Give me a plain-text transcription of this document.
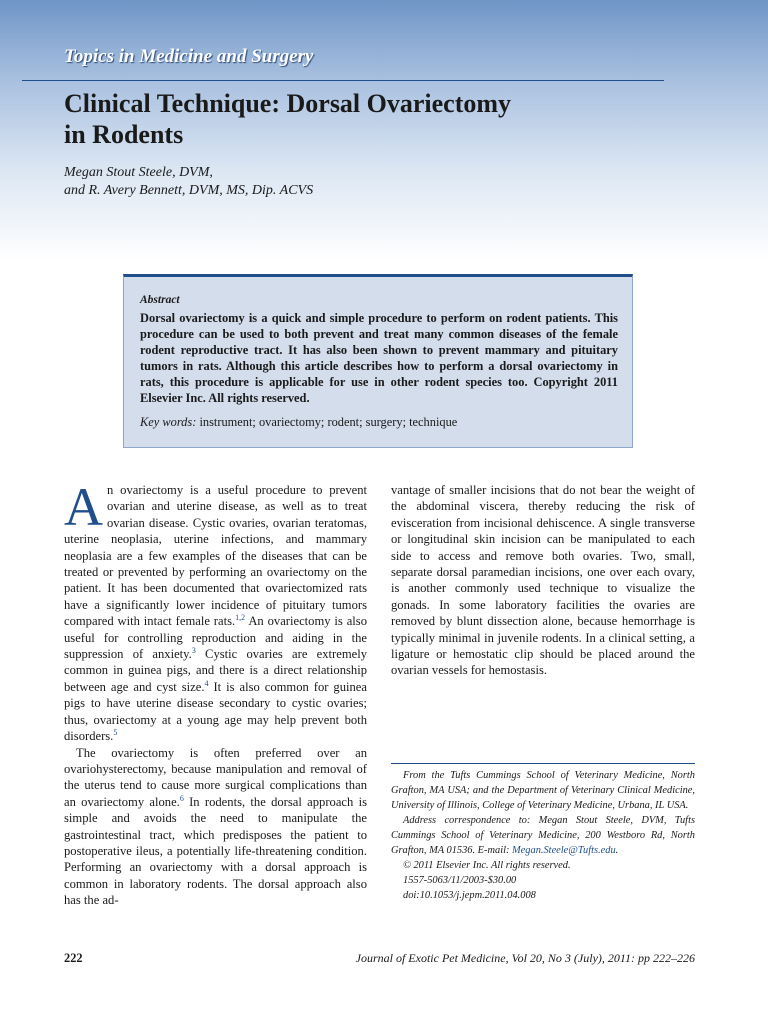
Topics in Medicine and Surgery
Clinical Technique: Dorsal Ovariectomy
in Rodents
Megan Stout Steele, DVM,
and R. Avery Bennett, DVM, MS, Dip. ACVS
Abstract
Dorsal ovariectomy is a quick and simple procedure to perform on rodent patients. This procedure can be used to both prevent and treat many common diseases of the female rodent reproductive tract. It has also been shown to prevent mammary and pituitary tumors in rats. Although this article describes how to perform a dorsal ovariectomy in rats, this procedure is applicable for use in other rodent species too. Copyright 2011 Elsevier Inc. All rights reserved.
Key words: instrument; ovariectomy; rodent; surgery; technique

An ovariectomy is a useful procedure to prevent ovarian and uterine disease, as well as to treat ovarian disease. Cystic ovaries, ovarian teratomas, uterine neoplasia, uterine infections, and mammary neoplasia are a few examples of the diseases that can be treated or prevented by performing an ovariectomy on the patient. It has been documented that ovariectomized rats have a significantly lower incidence of pituitary tumors compared with intact female rats.$^{1,2}$ An ovariectomy is also useful for controlling reproduction and aiding in the suppression of anxiety.$^3$ Cystic ovaries are extremely common in guinea pigs, and there is a direct relationship between age and cyst size.$^4$ It is also common for guinea pigs to have uterine disease secondary to cystic ovaries; thus, ovariectomy at a young age may help prevent both disorders.$^5$

The ovariectomy is often preferred over an ovariohysterectomy, because manipulation and removal of the uterus tend to cause more surgical complications than an ovariectomy alone.$^6$ In rodents, the dorsal approach is simple and avoids the need to manipulate the gastrointestinal tract, which predisposes the patient to postoperative ileus, a potentially life-threatening condition. Performing an ovariectomy with a dorsal approach is common in laboratory rodents. The dorsal approach also has the ad-

vantage of smaller incisions that do not bear the weight of the abdominal viscera, thereby reducing the risk of evisceration from incisional dehiscence. A single transverse or longitudinal skin incision can be manipulated to each side to access and remove both ovaries. Two, small, separate dorsal paramedian incisions, one over each ovary, is another commonly used technique to visualize the gonads. In some laboratory facilities the ovaries are removed by blunt dissection alone, because hemorrhage is typically minimal in juvenile rodents. In a clinical setting, a ligature or hemostatic clip should be placed around the ovarian vessels for hemostasis.

From the Tufts Cummings School of Veterinary Medicine, North Grafton, MA USA; and the Department of Veterinary Clinical Medicine, University of Illinois, College of Veterinary Medicine, Urbana, IL USA.

Address correspondence to: Megan Stout Steele, DVM, Tufts Cummings School of Veterinary Medicine, 200 Westboro Rd, North Grafton, MA 01536. E-mail: Megan.Steele@Tufts.edu.

© 2011 Elsevier Inc. All rights reserved.

1557-5063/11/2003-$30.00

doi:10.1053/j.jepm.2011.04.008

222	Journal of Exotic Pet Medicine, Vol 20, No 3 (July), 2011: pp 222–226
